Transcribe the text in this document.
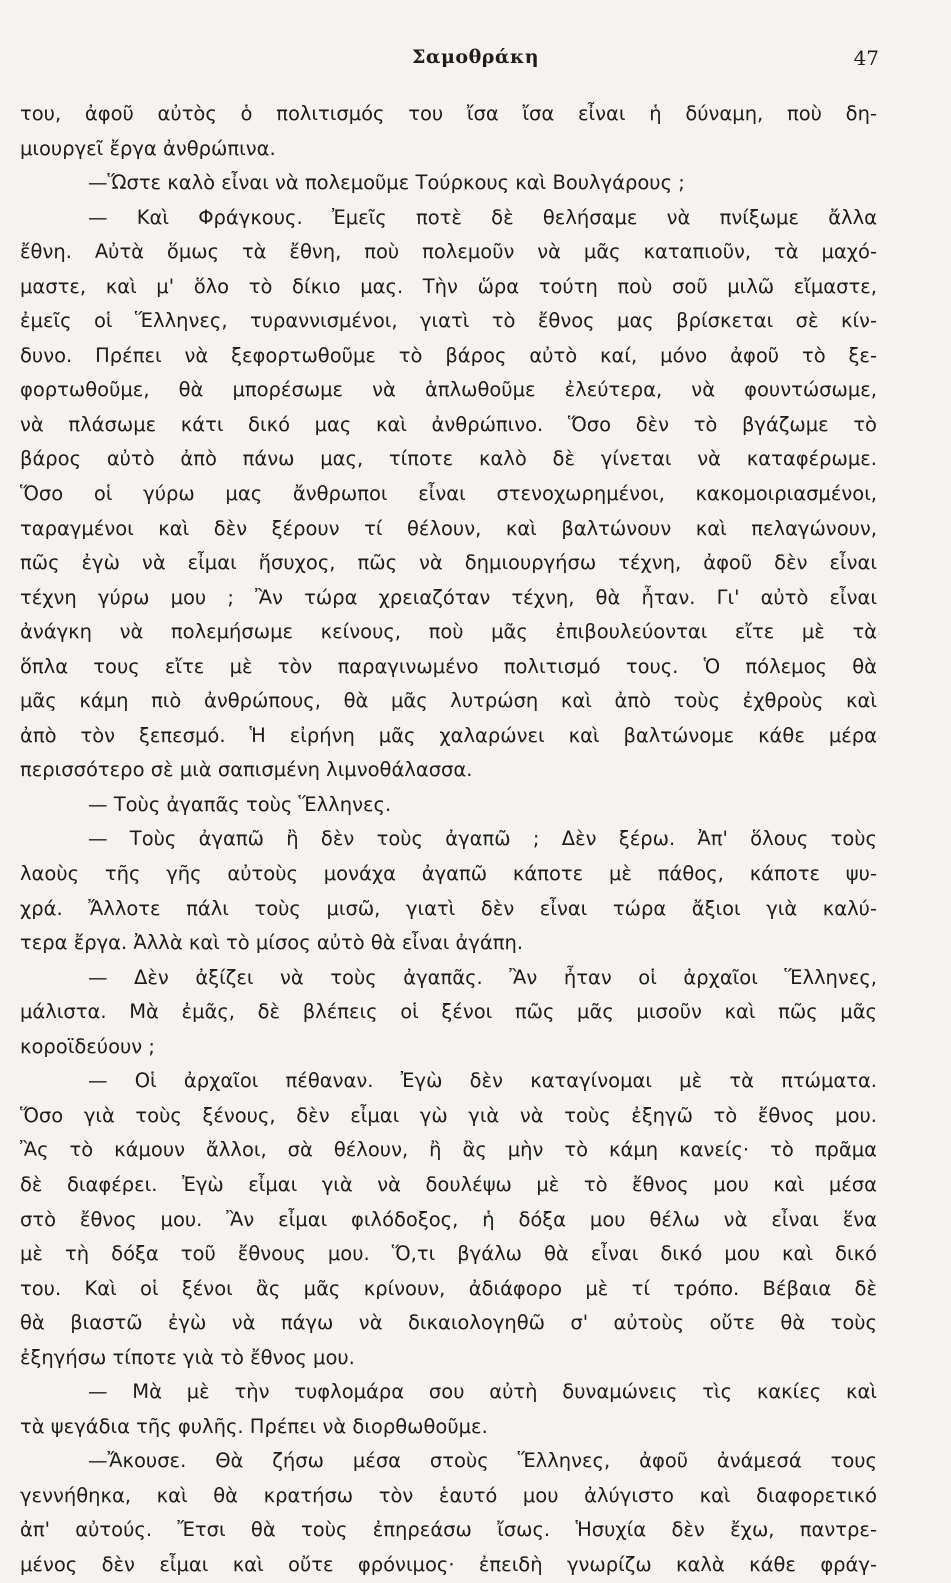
Σαμοθράκη	47
του, ἀφοῦ αὐτὸς ὁ πολιτισμός του ἴσα ἴσα εἶναι ἡ δύναμη, ποὺ δη-
μιουργεῖ ἔργα ἀνθρώπινα.
—Ὥστε καλὸ εἶναι νὰ πολεμοῦμε Τούρκους καὶ Βουλγάρους ;
— Καὶ Φράγκους. Ἐμεῖς ποτὲ δὲ θελήσαμε νὰ πνίξωμε ἄλλα
ἔθνη. Αὐτὰ ὅμως τὰ ἔθνη, ποὺ πολεμοῦν νὰ μᾶς καταπιοῦν, τὰ μαχό-
μαστε, καὶ μ' ὅλο τὸ δίκιο μας. Τὴν ὥρα τούτη ποὺ σοῦ μιλῶ εἴμαστε,
ἐμεῖς οἱ Ἕλληνες, τυραννισμένοι, γιατὶ τὸ ἔθνος μας βρίσκεται σὲ κίν-
δυνο. Πρέπει νὰ ξεφορτωθοῦμε τὸ βάρος αὐτὸ καί, μόνο ἀφοῦ τὸ ξε-
φορτωθοῦμε, θὰ μπορέσωμε νὰ ἁπλωθοῦμε ἐλεύτερα, νὰ φουντώσωμε,
νὰ πλάσωμε κάτι δικό μας καὶ ἀνθρώπινο. Ὅσο δὲν τὸ βγάζωμε τὸ
βάρος αὐτὸ ἀπὸ πάνω μας, τίποτε καλὸ δὲ γίνεται νὰ καταφέρωμε.
Ὅσο οἱ γύρω μας ἄνθρωποι εἶναι στενοχωρημένοι, κακομοιριασμένοι,
ταραγμένοι καὶ δὲν ξέρουν τί θέλουν, καὶ βαλτώνουν καὶ πελαγώνουν,
πῶς ἐγὼ νὰ εἶμαι ἥσυχος, πῶς νὰ δημιουργήσω τέχνη, ἀφοῦ δὲν εἶναι
τέχνη γύρω μου ; Ἂν τώρα χρειαζόταν τέχνη, θὰ ἦταν. Γι' αὐτὸ εἶναι
ἀνάγκη νὰ πολεμήσωμε κείνους, ποὺ μᾶς ἐπιβουλεύονται εἴτε μὲ τὰ
ὅπλα τους εἴτε μὲ τὸν παραγινωμένο πολιτισμό τους. Ὁ πόλεμος θὰ
μᾶς κάμη πιὸ ἀνθρώπους, θὰ μᾶς λυτρώση καὶ ἀπὸ τοὺς ἐχθροὺς καὶ
ἀπὸ τὸν ξεπεσμό. Ἡ εἰρήνη μᾶς χαλαρώνει καὶ βαλτώνομε κάθε μέρα
περισσότερο σὲ μιὰ σαπισμένη λιμνοθάλασσα.
— Τοὺς ἀγαπᾶς τοὺς Ἕλληνες.
— Τοὺς ἀγαπῶ ἢ δὲν τοὺς ἀγαπῶ ; Δὲν ξέρω. Ἀπ' ὅλους τοὺς
λαοὺς τῆς γῆς αὐτοὺς μονάχα ἀγαπῶ κάποτε μὲ πάθος, κάποτε ψυ-
χρά. Ἄλλοτε πάλι τοὺς μισῶ, γιατὶ δὲν εἶναι τώρα ἄξιοι γιὰ καλύ-
τερα ἔργα. Ἀλλὰ καὶ τὸ μίσος αὐτὸ θὰ εἶναι ἀγάπη.
— Δὲν ἀξίζει νὰ τοὺς ἀγαπᾶς. Ἂν ἦταν οἱ ἀρχαῖοι Ἕλληνες,
μάλιστα. Μὰ ἐμᾶς, δὲ βλέπεις οἱ ξένοι πῶς μᾶς μισοῦν καὶ πῶς μᾶς
κοροϊδεύουν ;
— Οἱ ἀρχαῖοι πέθαναν. Ἐγὼ δὲν καταγίνομαι μὲ τὰ πτώματα.
Ὅσο γιὰ τοὺς ξένους, δὲν εἶμαι γὼ γιὰ νὰ τοὺς ἐξηγῶ τὸ ἔθνος μου.
Ἂς τὸ κάμουν ἄλλοι, σὰ θέλουν, ἢ ἂς μὴν τὸ κάμη κανείς· τὸ πρᾶμα
δὲ διαφέρει. Ἐγὼ εἶμαι γιὰ νὰ δουλέψω μὲ τὸ ἔθνος μου καὶ μέσα
στὸ ἔθνος μου. Ἂν εἶμαι φιλόδοξος, ἡ δόξα μου θέλω νὰ εἶναι ἕνα
μὲ τὴ δόξα τοῦ ἔθνους μου. Ὅ,τι βγάλω θὰ εἶναι δικό μου καὶ δικό
του. Καὶ οἱ ξένοι ἂς μᾶς κρίνουν, ἀδιάφορο μὲ τί τρόπο. Βέβαια δὲ
θὰ βιαστῶ ἐγὼ νὰ πάγω νὰ δικαιολογηθῶ σ' αὐτοὺς οὔτε θὰ τοὺς
ἐξηγήσω τίποτε γιὰ τὸ ἔθνος μου.
— Μὰ μὲ τὴν τυφλομάρα σου αὐτὴ δυναμώνεις τὶς κακίες καὶ
τὰ ψεγάδια τῆς φυλῆς. Πρέπει νὰ διορθωθοῦμε.
—Ἄκουσε. Θὰ ζήσω μέσα στοὺς Ἕλληνες, ἀφοῦ ἀνάμεσά τους
γεννήθηκα, καὶ θὰ κρατήσω τὸν ἑαυτό μου ἀλύγιστο καὶ διαφορετικό
ἀπ' αὐτούς. Ἔτσι θὰ τοὺς ἐπηρεάσω ἴσως. Ἡσυχία δὲν ἔχω, παντρε-
μένος δὲν εἶμαι καὶ οὔτε φρόνιμος· ἐπειδὴ γνωρίζω καλὰ κάθε φράγ-
